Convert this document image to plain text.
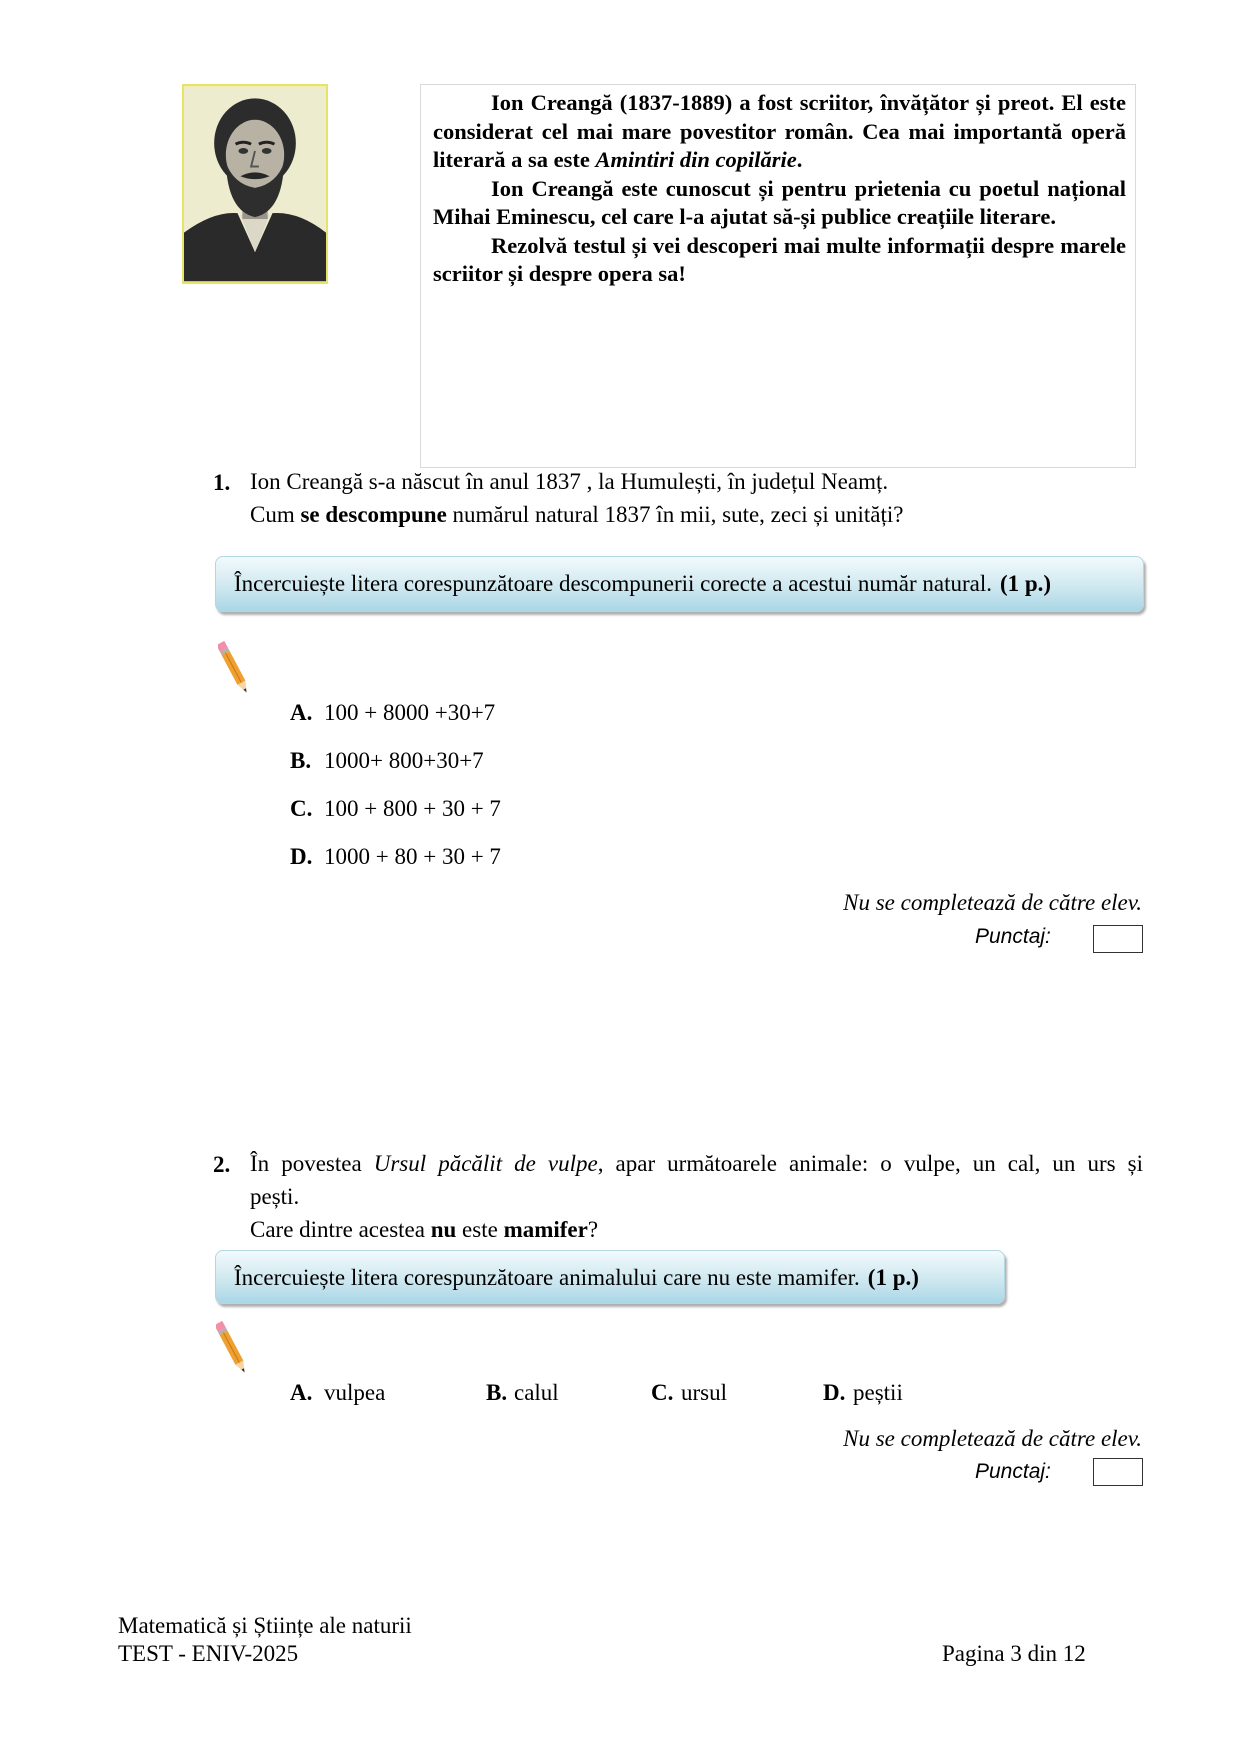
Ion Creangă (1837-1889) a fost scriitor, învățător și preot. El este considerat cel mai mare povestitor român. Cea mai importantă operă literară a sa este Amintiri din copilărie.

Ion Creangă este cunoscut și pentru prietenia cu poetul național Mihai Eminescu, cel care l-a ajutat să-și publice creațiile literare.

Rezolvă testul și vei descoperi mai multe informații despre marele scriitor și despre opera sa!

1. Ion Creangă s-a născut în anul 1837 , la Humulești, în județul Neamț.
Cum se descompune numărul natural 1837 în mii, sute, zeci și unități?
Încercuiește litera corespunzătoare descompunerii corecte a acestui număr natural. (1 p.)
A. 100 + 8000 +30+7
B. 1000+ 800+30+7
C. 100 + 800 + 30 + 7
D. 1000 + 80 + 30 + 7
Nu se completează de către elev.
Punctaj:
2. În povestea Ursul păcălit de vulpe, apar următoarele animale: o vulpe, un cal, un urs și
pești.
Care dintre acestea nu este mamifer?
Încercuiește litera corespunzătoare animalului care nu este mamifer. (1 p.)
A. vulpea	B. calul	C. ursul	D. peștii
Nu se completează de către elev.
Punctaj:
Matematică și Științe ale naturii
TEST - ENIV-2025	Pagina 3 din 12
